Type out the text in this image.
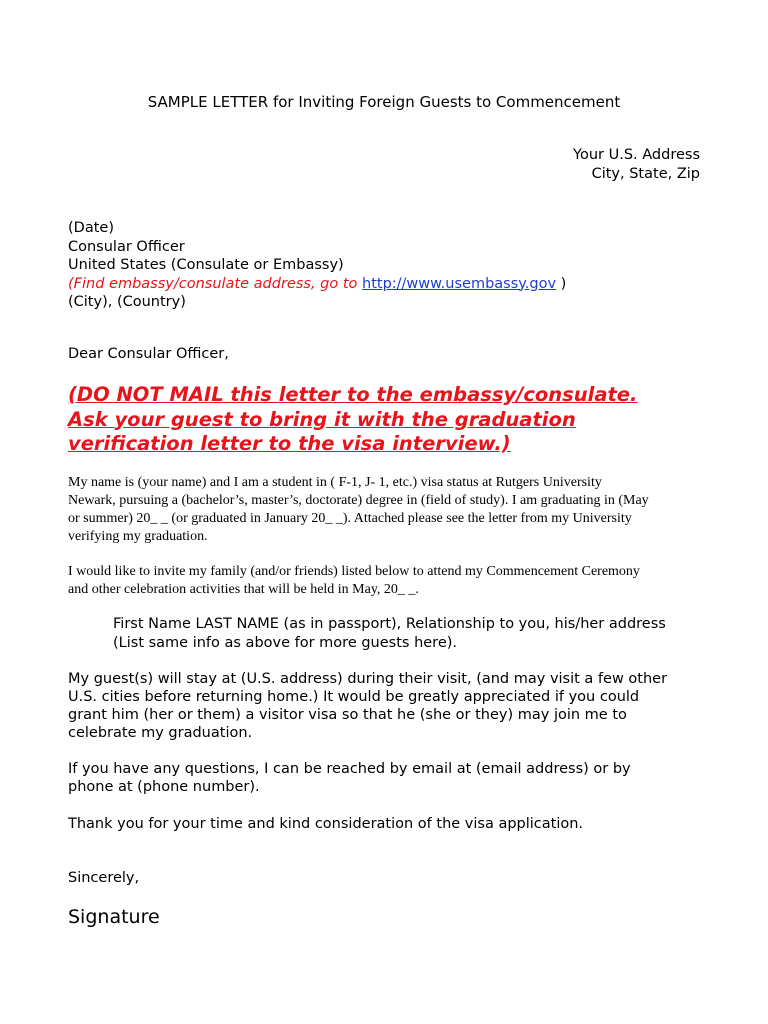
SAMPLE LETTER for Inviting Foreign Guests to Commencement
Your U.S. Address
City, State, Zip
(Date)
Consular Officer
United States (Consulate or Embassy)
(Find embassy/consulate address, go to http://www.usembassy.gov )
(City), (Country)

Dear Consular Officer,

(DO NOT MAIL this letter to the embassy/consulate.
Ask your guest to bring it with the graduation
verification letter to the visa interview.)
My name is (your name) and I am a student in ( F-1, J- 1, etc.) visa status at Rutgers University
Newark, pursuing a (bachelor’s, master’s, doctorate) degree in (field of study). I am graduating in (May
or summer) 20_ _ (or graduated in January 20_ _). Attached please see the letter from my University
verifying my graduation.
I would like to invite my family (and/or friends) listed below to attend my Commencement Ceremony
and other celebration activities that will be held in May, 20_ _.
First Name LAST NAME (as in passport), Relationship to you, his/her address
(List same info as above for more guests here).
My guest(s) will stay at (U.S. address) during their visit, (and may visit a few other
U.S. cities before returning home.) It would be greatly appreciated if you could
grant him (her or them) a visitor visa so that he (she or they) may join me to
celebrate my graduation.
If you have any questions, I can be reached by email at (email address) or by
phone at (phone number).

Thank you for your time and kind consideration of the visa application.

Sincerely,

Signature
